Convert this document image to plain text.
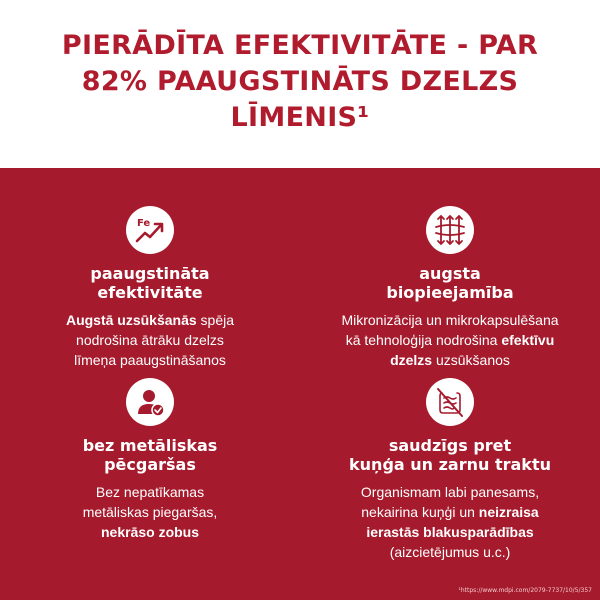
PIERĀDĪTA EFEKTIVITĀTE - PAR
82% PAAUGSTINĀTS DZELZS
LĪMENIS¹
Fe
paaugstināta
efektivitāte
Augstā uzsūkšanās spēja
nodrošina ātrāku dzelzs
līmeņa paaugstināšanos
augsta
biopieejamība
Mikronizācija un mikrokapsulēšana
kā tehnoloģija nodrošina efektīvu
dzelzs uzsūkšanos
bez metāliskas
pēcgaršas
Bez nepatīkamas
metāliskas piegaršas,
nekrāso zobus
saudzīgs pret
kuņģa un zarnu traktu
Organismam labi panesams,
nekairina kuņģi un neizraisa
ierastās blakusparādības
(aizcietējumus u.c.)
¹https://www.mdpi.com/2079-7737/10/5/357
